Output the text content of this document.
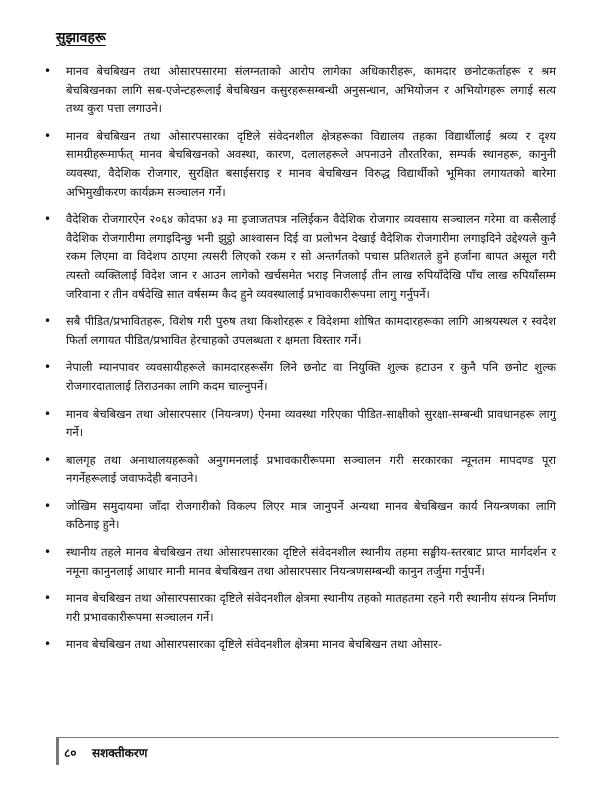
सुझावहरू
• मानव बेचबिखन तथा ओसारपसारमा संलग्नताको आरोप लागेका अधिकारीहरू, कामदार छनोटकर्ताहरू र श्रम बेचबिखनका लागि सब-एजेन्टहरूलाई बेचबिखन कसुरहरूसम्बन्धी अनुसन्धान, अभियोजन र अभियोगहरू लगाई सत्य तथ्य कुरा पत्ता लगाउने।
• मानव बेचबिखन तथा ओसारपसारका दृष्टिले संवेदनशील क्षेत्रहरूका विद्यालय तहका विद्यार्थीलाई श्रव्य र दृश्य सामग्रीहरूमार्फत् मानव बेचबिखनको अवस्था, कारण, दलालहरूले अपनाउने तौरतरिका, सम्पर्क स्थानहरू, कानुनी व्यवस्था, वैदेशिक रोजगार, सुरक्षित बसाईसराइ र मानव बेचबिखन विरुद्ध विद्यार्थीको भूमिका लगायतको बारेमा अभिमुखीकरण कार्यक्रम सञ्चालन गर्ने।
• वैदेशिक रोजगारऐन २०६४ कोदफा ४३ मा इजाजतपत्र नलिईकन वैदेशिक रोजगार व्यवसाय सञ्चालन गरेमा वा कसैलाई वैदेशिक रोजगारीमा लगाइदिन्छु भनी झुट्ठो आश्वासन दिई वा प्रलोभन देखाई वैदेशिक रोजगारीमा लगाइदिने उद्देश्यले कुनै रकम लिएमा वा विदेशप ठाएमा त्यसरी लिएको रकम र सो अन्तर्गतको पचास प्रतिशतले हुने हर्जाना बापत असूल गरी त्यस्तो व्यक्तिलाई विदेश जान र आउन लागेको खर्चसमेत भराइ निजलाई तीन लाख रुपियाँदेखि पाँच लाख रुपियाँसम्म जरिवाना र तीन वर्षदेखि सात वर्षसम्म कैद हुने व्यवस्थालाई प्रभावकारीरूपमा लागु गर्नुपर्ने।
• सबै पीडित/प्रभावितहरू, विशेष गरी पुरुष तथा किशोरहरू र विदेशमा शोषित कामदारहरूका लागि आश्रयस्थल र स्वदेश फिर्ता लगायत पीडित/प्रभावित हेरचाहको उपलब्धता र क्षमता विस्तार गर्ने।
• नेपाली म्यानपावर व्यवसायीहरूले कामदारहरूसँग लिने छनोट वा नियुक्ति शुल्क हटाउन र कुनै पनि छनोट शुल्क रोजगारदातालाई तिराउनका लागि कदम चाल्नुपर्ने।
• मानव बेचबिखन तथा ओसारपसार (नियन्त्रण) ऐनमा व्यवस्था गरिएका पीडित-साक्षीको सुरक्षा-सम्बन्धी प्रावधानहरू लागु गर्ने।
• बालगृह तथा अनाथालयहरूको अनुगमनलाई प्रभावकारीरूपमा सञ्चालन गरी सरकारका न्यूनतम मापदण्ड पूरा नगर्नेहरूलाई जवाफदेही बनाउने।
• जोखिम समुदायमा जाँदा रोजगारीको विकल्प लिएर मात्र जानुपर्ने अन्यथा मानव बेचबिखन कार्य नियन्त्रणका लागि कठिनाइ हुने।
• स्थानीय तहले मानव बेचबिखन तथा ओसारपसारका दृष्टिले संवेदनशील स्थानीय तहमा सङ्घीय-स्तरबाट प्राप्त मार्गदर्शन र नमूना कानुनलाई आधार मानी मानव बेचबिखन तथा ओसारपसार नियन्त्रणसम्बन्धी कानुन तर्जुमा गर्नुपर्ने।
• मानव बेचबिखन तथा ओसारपसारका दृष्टिले संवेदनशील क्षेत्रमा स्थानीय तहको मातहतमा रहने गरी स्थानीय संयन्त्र निर्माण गरी प्रभावकारीरूपमा सञ्चालन गर्ने।
• मानव बेचबिखन तथा ओसारपसारका दृष्टिले संवेदनशील क्षेत्रमा मानव बेचबिखन तथा ओसार-
८० सशक्तीकरण
